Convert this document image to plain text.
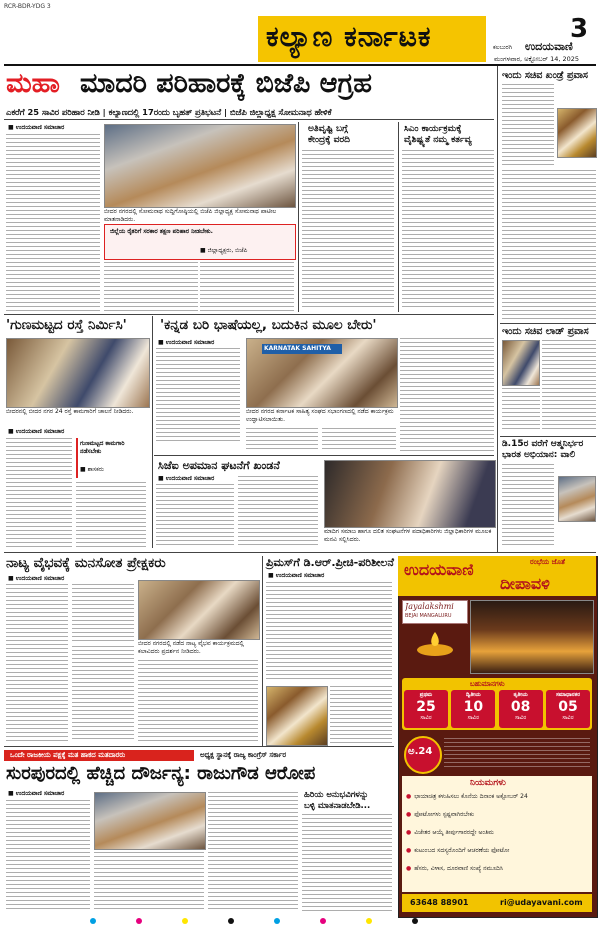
RCR-BDR-YDG 3
ಕಲ್ಯಾಣ ಕರ್ನಾಟಕ	3
ಕಲಬುರಗಿ ಉದಯವಾಣಿ
ಮಂಗಳವಾರ, ಅಕ್ಟೋಬರ್ 14, 2025
ಮಹಾ ಮಾದರಿ ಪರಿಹಾರಕ್ಕೆ ಬಿಜೆಪಿ ಆಗ್ರಹ
ಎಕರೆಗೆ 25 ಸಾವಿರ ಪರಿಹಾರ ನೀಡಿ | ಕಲ್ಯಾಣದಲ್ಲಿ 17ರಂದು ಬೃಹತ್ ಪ್ರತಿಭಟನೆ | ಬಿಜೆಪಿ ಜಿಲ್ಲಾಧ್ಯಕ್ಷ ಸೋಮನಾಥ ಹೇಳಿಕೆ
■ ಉದಯವಾಣಿ ಸಮಾಚಾರ
ಬೀದರ ನಗರದಲ್ಲಿ ಸೋಮನಾಥ ಸುದ್ದಿಗೋಷ್ಠಿಯಲ್ಲಿ ಬಿಜೆಪಿ ಜಿಲ್ಲಾಧ್ಯಕ್ಷ ಸೋಮನಾಥ ಪಾಟೀಲ ಮಾತನಾಡಿದರು.
ಜಿಲ್ಲೆಯ ರೈತರಿಗೆ ಸರಕಾರ ತಕ್ಷಣ ಪರಿಹಾರ ನೀಡಬೇಕು.
■ ಜಿಲ್ಲಾಧ್ಯಕ್ಷರು, ಬಿಜೆಪಿ
ಅತಿವೃಷ್ಟಿ ಬಗ್ಗೆ
ಕೇಂದ್ರಕ್ಕೆ ವರದಿ
ಸಿಎಂ ಕಾರ್ಯಕ್ರಮಕ್ಕೆ
ವೈಶಿಷ್ಟ್ಯತೆ ನಮ್ಮ ಕರ್ತವ್ಯ
'ಗುಣಮಟ್ಟದ ರಸ್ತೆ ನಿರ್ಮಿಸಿ'
ಬೀದರನಲ್ಲಿ ಬೀದರ ನಗರ 24 ರಸ್ತೆ ಕಾಮಗಾರಿಗೆ ಚಾಲನೆ ನೀಡಿದರು.
■ ಉದಯವಾಣಿ ಸಮಾಚಾರ
ಗುಣಮಟ್ಟದ ಕಾಮಗಾರಿ ನಡೆಸಬೇಕು
■ ಶಾಸಕರು
'ಕನ್ನಡ ಬರಿ ಭಾಷೆಯಲ್ಲ, ಬದುಕಿನ ಮೂಲ ಬೇರು'
■ ಉದಯವಾಣಿ ಸಮಾಚಾರ
KARNATAK SAHITYA
ಬೀದರ ನಗರದ ಕರ್ನಾಟಕ ಸಾಹಿತ್ಯ ಸಂಘದ ಸಭಾಂಗಣದಲ್ಲಿ ನಡೆದ ಕಾರ್ಯಕ್ರಮ ಉದ್ಘಾಟಿಸಲಾಯಿತು.
ಸಿಜೆಐ ಅಪಮಾನ ಘಟನೆಗೆ ಖಂಡನೆ
■ ಉದಯವಾಣಿ ಸಮಾಚಾರ
ಮಾದಿಗ ಸಮಾಜ ಹಾಗೂ ದಲಿತ ಸಂಘಟನೆಗಳ ಪದಾಧಿಕಾರಿಗಳು ಜಿಲ್ಲಾಧಿಕಾರಿಗಳ ಮೂಲಕ ಮನವಿ ಸಲ್ಲಿಸಿದರು.
ಇಂದು ಸಚಿವ ಖಂಡ್ರೆ ಪ್ರವಾಸ
ಇಂದು ಸಚಿವ ಲಾಡ್ ಪ್ರವಾಸ
ಡಿ.15ರ ವರೆಗೆ ಆತ್ಮನಿರ್ಭರ
ಭಾರತ ಅಭಿಯಾನ: ವಾಲಿ
ನಾಟ್ಯ ವೈಭವಕ್ಕೆ ಮನಸೋತ ಪ್ರೇಕ್ಷಕರು
■ ಉದಯವಾಣಿ ಸಮಾಚಾರ
ಬೀದರ ನಗರದಲ್ಲಿ ನಡೆದ ನಾಟ್ಯ ವೈಭವ ಕಾರ್ಯಕ್ರಮದಲ್ಲಿ ಕಲಾವಿದರು ಪ್ರದರ್ಶನ ನೀಡಿದರು.
ಪ್ರಿಮಸ್‌ಗೆ ಡಿ.ಆರ್.ಪ್ರೀಚಿ-ಪರಿಶೀಲನೆ
■ ಉದಯವಾಣಿ ಸಮಾಚಾರ
ಒಂದೇ ರಾಜಕೀಯ ಪಕ್ಷಕ್ಕೆ ಮತ ಹಾಕದ ಮತದಾರರು	ಅಧ್ಯಕ್ಷ ಸ್ಥಾನಕ್ಕೆ ರಾಜ್ಯ ಕಾಂಗ್ರೆಸ್ ಸರ್ಕಾರ
ಸುರಪುರದಲ್ಲಿ ಹೆಚ್ಚಿದ ದೌರ್ಜನ್ಯ: ರಾಜುಗೌಡ ಆರೋಪ
■ ಉದಯವಾಣಿ ಸಮಾಚಾರ	ಹಿರಿಯ ಅನುಭವಿಗಳನ್ನು
ಬಳ್ಳಿ ಮಾತನಾಡಬೇಡಿ...
ಉದಯವಾಣಿ	ರಂಭೆಯ ಜೊತೆ
ದೀಪಾವಳಿ
Jayalakshmi
BEJAI MANGALURU
ಬಹುಮಾನಗಳು
ಪ್ರಥಮ
25
ಸಾವಿರ
ದ್ವಿತೀಯ
10
ಸಾವಿರ
ತೃತೀಯ
08
ಸಾವಿರ
ಸಮಾಧಾನಕರ
05
ಸಾವಿರ
ಅ.24
ನಿಯಮಗಳು
● ಛಾಯಾಚಿತ್ರ ಕಳುಹಿಸಲು ಕೊನೆಯ ದಿನಾಂಕ ಅಕ್ಟೋಬರ್ 24
● ಫೋಟೋಗಳು ಸ್ಪಷ್ಟವಾಗಿರಬೇಕು
● ವಿಜೇತರ ಆಯ್ಕೆ ತೀರ್ಪುಗಾರರದ್ದೇ ಅಂತಿಮ
● ಕುಟುಂಬದ ಸದಸ್ಯರೊಂದಿಗೆ ಆಚರಣೆಯ ಫೋಟೋ
● ಹೆಸರು, ವಿಳಾಸ, ದೂರವಾಣಿ ಸಂಖ್ಯೆ ನಮೂದಿಸಿ
63648 88901	ri@udayavani.com
